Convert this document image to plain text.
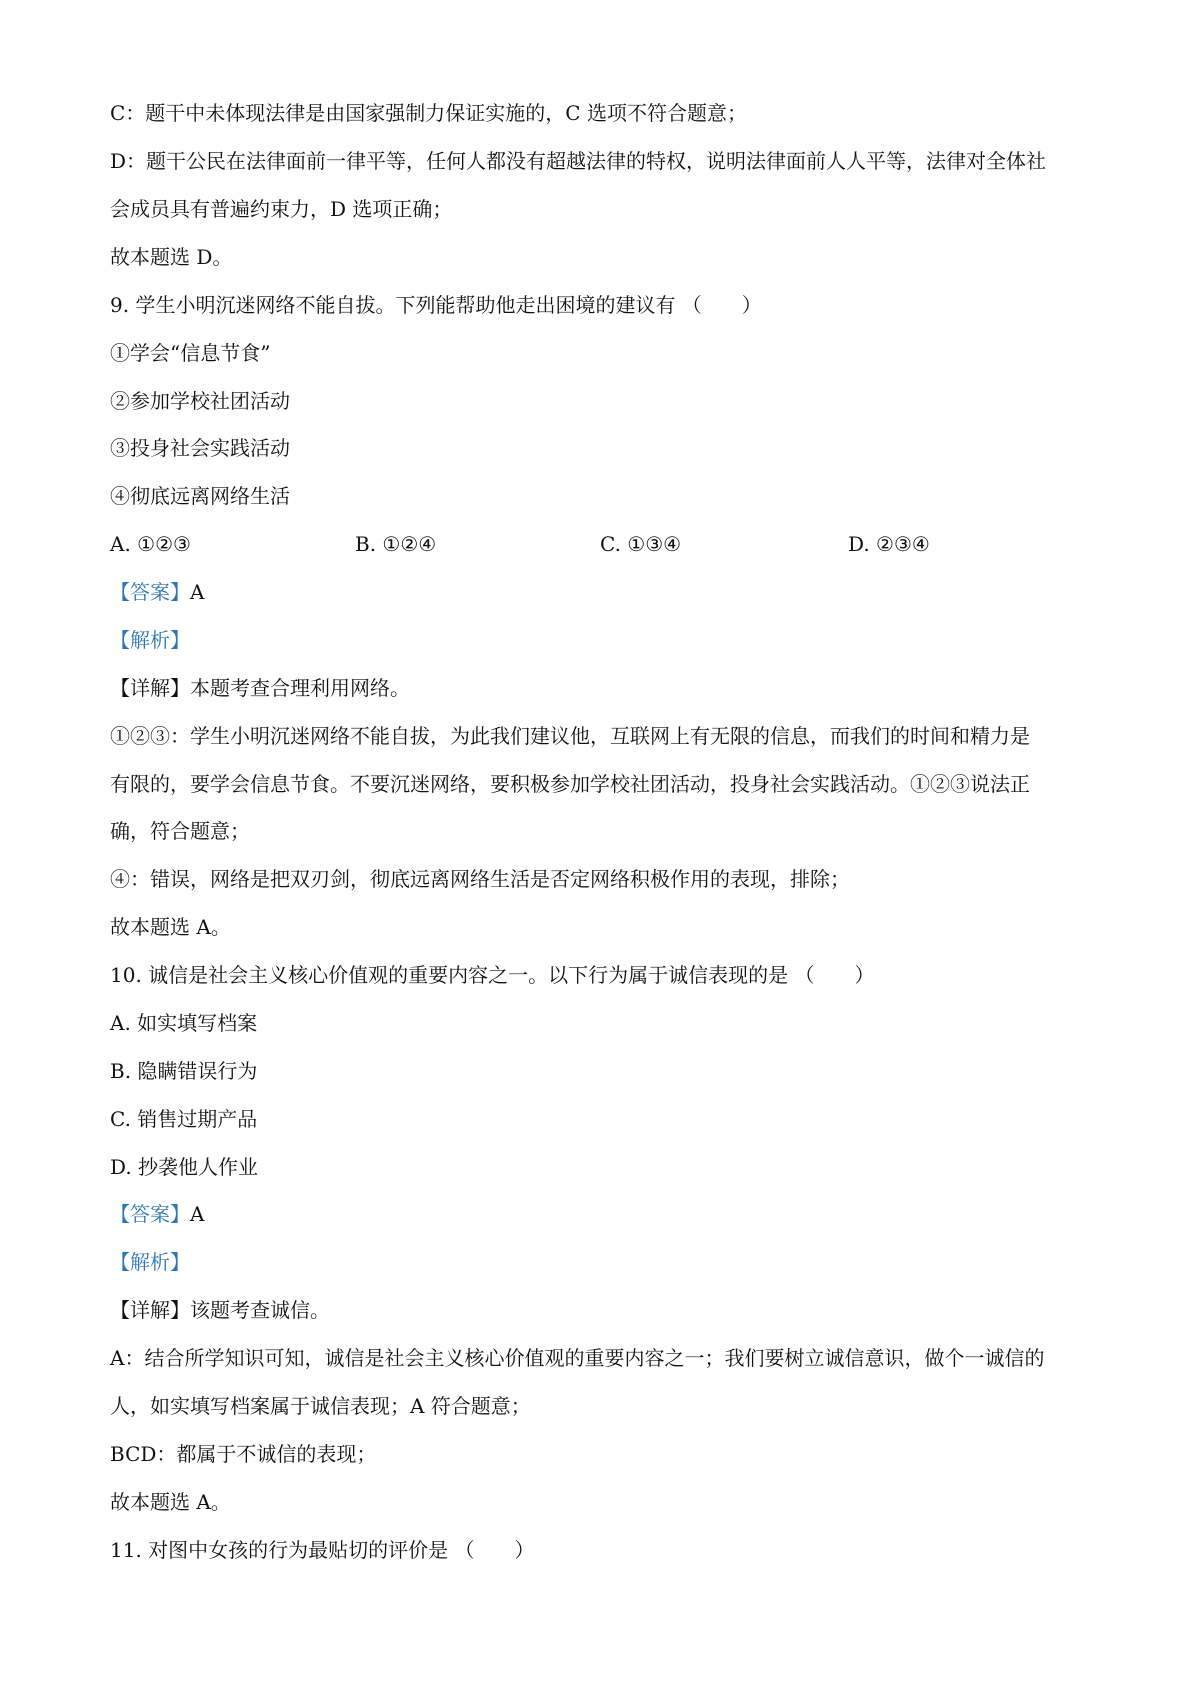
C：题干中未体现法律是由国家强制力保证实施的，C 选项不符合题意；
D：题干公民在法律面前一律平等，任何人都没有超越法律的特权，说明法律面前人人平等，法律对全体社
会成员具有普遍约束力，D 选项正确；
故本题选 D。
9. 学生小明沉迷网络不能自拔。下列能帮助他走出困境的建议有 （　　）
①学会“信息节食”
②参加学校社团活动
③投身社会实践活动
④彻底远离网络生活
A. ①②③	B. ①②④	C. ①③④	D. ②③④
【答案】A
【解析】
【详解】本题考查合理利用网络。
①②③：学生小明沉迷网络不能自拔，为此我们建议他，互联网上有无限的信息，而我们的时间和精力是
有限的，要学会信息节食。不要沉迷网络，要积极参加学校社团活动，投身社会实践活动。①②③说法正
确，符合题意；
④：错误，网络是把双刃剑，彻底远离网络生活是否定网络积极作用的表现，排除；
故本题选 A。
10. 诚信是社会主义核心价值观的重要内容之一。以下行为属于诚信表现的是 （　　）
A. 如实填写档案
B. 隐瞒错误行为
C. 销售过期产品
D. 抄袭他人作业
【答案】A
【解析】
【详解】该题考查诚信。
A：结合所学知识可知，诚信是社会主义核心价值观的重要内容之一；我们要树立诚信意识，做个一诚信的
人，如实填写档案属于诚信表现；A 符合题意；
BCD：都属于不诚信的表现；
故本题选 A。
11. 对图中女孩的行为最贴切的评价是 （　　）
